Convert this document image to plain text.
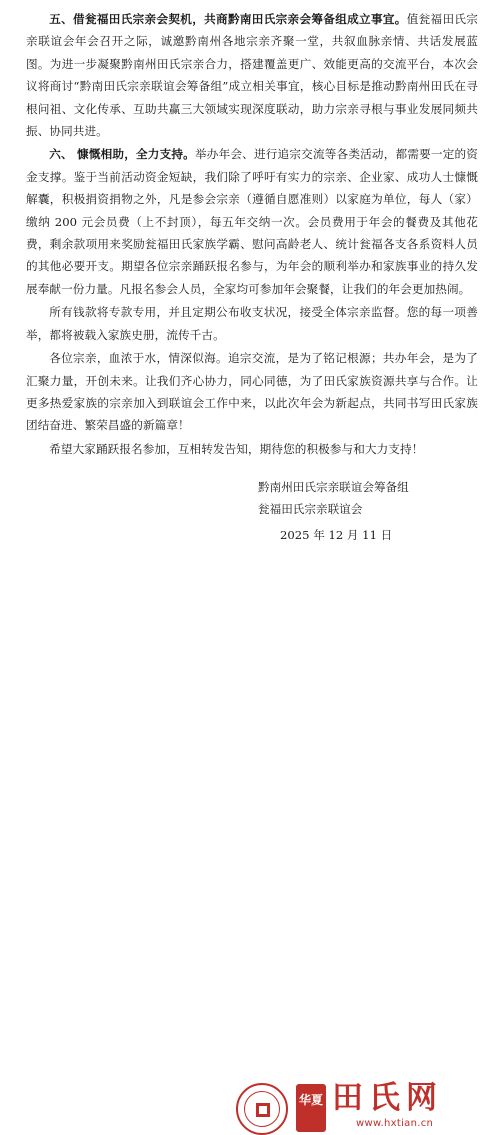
五、借瓮福田氏宗亲会契机，共商黔南田氏宗亲会筹备组成立事宜。值瓮福田氏宗亲联谊会年会召开之际，诚邀黔南州各地宗亲齐聚一堂，共叙血脉亲情、共话发展蓝图。为进一步凝聚黔南州田氏宗亲合力，搭建覆盖更广、效能更高的交流平台，本次会议将商讨“黔南田氏宗亲联谊会筹备组”成立相关事宜，核心目标是推动黔南州田氏在寻根问祖、文化传承、互助共赢三大领域实现深度联动，助力宗亲寻根与事业发展同频共振、协同共进。

六、 慷慨相助，全力支持。举办年会、进行追宗交流等各类活动，都需要一定的资金支撑。鉴于当前活动资金短缺，我们除了呼吁有实力的宗亲、企业家、成功人士慷慨解囊，积极捐资捐物之外，凡是参会宗亲（遵循自愿准则）以家庭为单位，每人（家）缴纳 200 元会员费（上不封顶），每五年交纳一次。会员费用于年会的餐费及其他花费，剩余款项用来奖励瓮福田氏家族学霸、慰问高龄老人、统计瓮福各支各系资料人员的其他必要开支。期望各位宗亲踊跃报名参与，为年会的顺利举办和家族事业的持久发展奉献一份力量。凡报名参会人员，全家均可参加年会聚餐，让我们的年会更加热闹。

所有钱款将专款专用，并且定期公布收支状况，接受全体宗亲监督。您的每一项善举，都将被载入家族史册，流传千古。

各位宗亲，血浓于水，情深似海。追宗交流，是为了铭记根源；共办年会，是为了汇聚力量，开创未来。让我们齐心协力，同心同德，为了田氏家族资源共享与合作。让更多热爱家族的宗亲加入到联谊会工作中来，以此次年会为新起点，共同书写田氏家族团结奋进、繁荣昌盛的新篇章！

希望大家踊跃报名参加，互相转发告知，期待您的积极参与和大力支持！

黔南州田氏宗亲联谊会筹备组
瓮福田氏宗亲联谊会
2025 年 12 月 11 日
华夏 田氏网
www.hxtian.cn
